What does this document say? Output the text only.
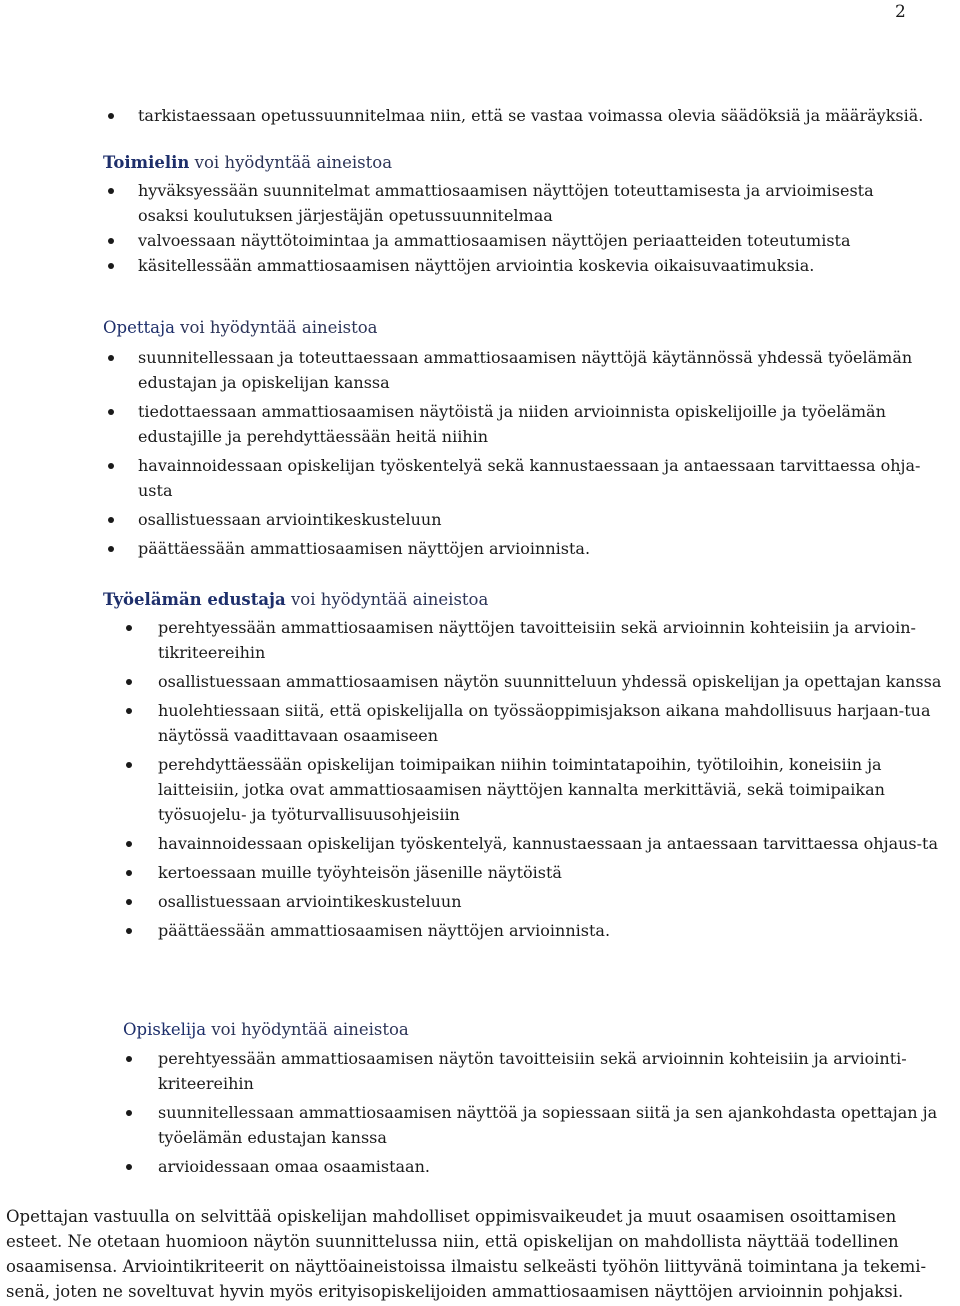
2
tarkistaessaan opetussuunnitelmaa niin, että se vastaa voimassa olevia säädöksiä ja määräyksiä.
Toimielin voi hyödyntää aineistoa
hyväksyessään suunnitelmat ammattiosaamisen näyttöjen toteuttamisesta ja arvioimisesta osaksi koulutuksen järjestäjän opetussuunnitelmaa
valvoessaan näyttötoimintaa ja ammattiosaamisen näyttöjen periaatteiden toteutumista
käsitellessään ammattiosaamisen näyttöjen arviointia koskevia oikaisuvaatimuksia.
Opettaja voi hyödyntää aineistoa
suunnitellessaan ja toteuttaessaan ammattiosaamisen näyttöjä käytännössä yhdessä työelämän edustajan ja opiskelijan kanssa
tiedottaessaan ammattiosaamisen näytöistä ja niiden arvioinnista opiskelijoille ja työelämän edustajille ja perehdyttäessään heitä niihin
havainnoidessaan opiskelijan työskentelyä sekä kannustaessaan ja antaessaan tarvittaessa ohja-usta
osallistuessaan arviointikeskusteluun
päättäessään ammattiosaamisen näyttöjen arvioinnista.
Työelämän edustaja voi hyödyntää aineistoa
perehtyessään ammattiosaamisen näyttöjen tavoitteisiin sekä arvioinnin kohteisiin ja arvioin-tikriteereihin
osallistuessaan ammattiosaamisen näytön suunnitteluun yhdessä opiskelijan ja opettajan kanssa
huolehtiessaan siitä, että opiskelijalla on työssäoppimisjakson aikana mahdollisuus harjaan-tua näytössä vaadittavaan osaamiseen
perehdyttäessään opiskelijan toimipaikan niihin toimintatapoihin, työtiloihin, koneisiin ja laitteisiin, jotka ovat ammattiosaamisen näyttöjen kannalta merkittäviä, sekä toimipaikan työsuojelu- ja työturvallisuusohjeisiin
havainnoidessaan opiskelijan työskentelyä, kannustaessaan ja antaessaan tarvittaessa ohjaus-ta
kertoessaan muille työyhteisön jäsenille näytöistä
osallistuessaan arviointikeskusteluun
päättäessään ammattiosaamisen näyttöjen arvioinnista.
Opiskelija voi hyödyntää aineistoa
perehtyessään ammattiosaamisen näytön tavoitteisiin sekä arvioinnin kohteisiin ja arviointi-kriteereihin
suunnitellessaan ammattiosaamisen näyttöä ja sopiessaan siitä ja sen ajankohdasta opettajan ja työelämän edustajan kanssa
arvioidessaan omaa osaamistaan.

Opettajan vastuulla on selvittää opiskelijan mahdolliset oppimisvaikeudet ja muut osaamisen osoittamisen esteet. Ne otetaan huomioon näytön suunnittelussa niin, että opiskelijan on mahdollista näyttää todellinen osaamisensa. Arviointikriteerit on näyttöaineistoissa ilmaistu selkeästi työhön liittyvänä toimintana ja tekemi-senä, joten ne soveltuvat hyvin myös erityisopiskelijoiden ammattiosaamisen näyttöjen arvioinnin pohjaksi.
